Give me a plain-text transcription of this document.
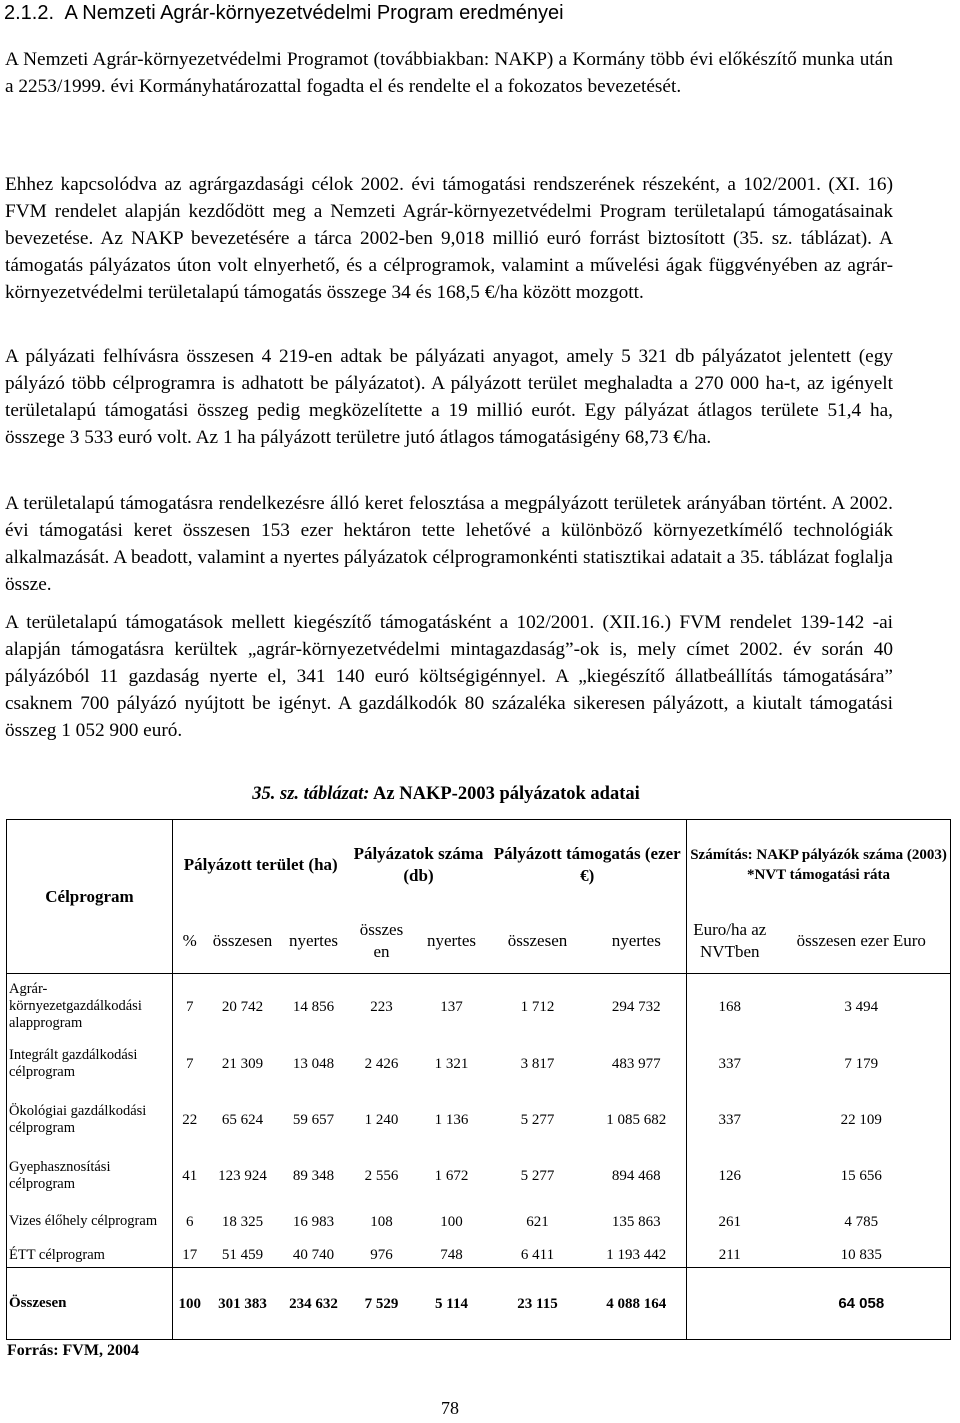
2.1.2. A Nemzeti Agrár-környezetvédelmi Program eredményei

A Nemzeti Agrár-környezetvédelmi Programot (továbbiakban: NAKP) a Kormány több évi előkészítő munka után a 2253/1999. évi Kormányhatározattal fogadta el és rendelte el a fokozatos bevezetését.

Ehhez kapcsolódva az agrárgazdasági célok 2002. évi támogatási rendszerének részeként, a 102/2001. (XI. 16) FVM rendelet alapján kezdődött meg a Nemzeti Agrár-környezetvédelmi Program területalapú támogatásainak bevezetése. Az NAKP bevezetésére a tárca 2002-ben 9,018 millió euró forrást biztosított (35. sz. táblázat). A támogatás pályázatos úton volt elnyerhető, és a célprogramok, valamint a művelési ágak függvényében az agrár-környezetvédelmi területalapú támogatás összege 34 és 168,5 €/ha között mozgott.

A pályázati felhívásra összesen 4 219-en adtak be pályázati anyagot, amely 5 321 db pályázatot jelentett (egy pályázó több célprogramra is adhatott be pályázatot). A pályázott terület meghaladta a 270 000 ha-t, az igényelt területalapú támogatási összeg pedig megközelítette a 19 millió eurót. Egy pályázat átlagos területe 51,4 ha, összege 3 533 euró volt. Az 1 ha pályázott területre jutó átlagos támogatásigény 68,73 €/ha.

A területalapú támogatásra rendelkezésre álló keret felosztása a megpályázott területek arányában történt. A 2002. évi támogatási keret összesen 153 ezer hektáron tette lehetővé a különböző környezetkímélő technológiák alkalmazását. A beadott, valamint a nyertes pályázatok célprogramonkénti statisztikai adatait a 35. táblázat foglalja össze.

A területalapú támogatások mellett kiegészítő támogatásként a 102/2001. (XII.16.) FVM rendelet 139-142 -ai alapján támogatásra kerültek „agrár-környezetvédelmi mintagazdaság”-ok is, mely címet 2002. év során 40 pályázóból 11 gazdaság nyerte el, 341 140 euró költségigénnyel. A „kiegészítő állatbeállítás támogatására” csaknem 700 pályázó nyújtott be igényt. A gazdálkodók 80 százaléka sikeresen pályázott, a kiutalt támogatási összeg 1 052 900 euró.

35. sz. táblázat: Az NAKP-2003 pályázatok adatai
Célprogram	Pályázott terület (ha)			Pályázatok száma (db)		Pályázott támogatás (ezer €)		Számítás: NAKP pályázók száma (2003) *NVT támogatási ráta	
	%	összesen	nyertes	összes en	nyertes	összesen	nyertes	Euro/ha az NVTben	összesen ezer Euro
Agrár-környezetgazdálkodási alapprogram	7	20 742	14 856	223	137	1 712	294 732	168	3 494
Integrált gazdálkodási célprogram	7	21 309	13 048	2 426	1 321	3 817	483 977	337	7 179
Ökológiai gazdálkodási célprogram	22	65 624	59 657	1 240	1 136	5 277	1 085 682	337	22 109
Gyephasznosítási célprogram	41	123 924	89 348	2 556	1 672	5 277	894 468	126	15 656
Vizes élőhely célprogram	6	18 325	16 983	108	100	621	135 863	261	4 785
ÉTT célprogram	17	51 459	40 740	976	748	6 411	1 193 442	211	10 835
Összesen	100	301 383	234 632	7 529	5 114	23 115	4 088 164		64 058
Forrás: FVM, 2004
78
